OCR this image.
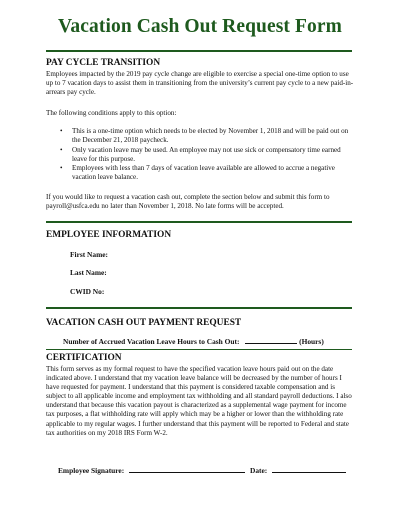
Vacation Cash Out Request Form
PAY CYCLE TRANSITION
Employees impacted by the 2019 pay cycle change are eligible to exercise a special one-time option to use up to 7 vacation days to assist them in transitioning from the university’s current pay cycle to a new paid-in-arrears pay cycle.
The following conditions apply to this option:
• This is a one-time option which needs to be elected by November 1, 2018 and will be paid out on the December 21, 2018 paycheck.
• Only vacation leave may be used. An employee may not use sick or compensatory time earned leave for this purpose.
• Employees with less than 7 days of vacation leave available are allowed to accrue a negative vacation leave balance.
If you would like to request a vacation cash out, complete the section below and submit this form to payroll@usfca.edu no later than November 1, 2018. No late forms will be accepted.
EMPLOYEE INFORMATION
First Name:
Last Name:
CWID No:
VACATION CASH OUT PAYMENT REQUEST
Number of Accrued Vacation Leave Hours to Cash Out:	(Hours)
CERTIFICATION
This form serves as my formal request to have the specified vacation leave hours paid out on the date indicated above. I understand that my vacation leave balance will be decreased by the number of hours I have requested for payment. I understand that this payment is considered taxable compensation and is subject to all applicable income and employment tax withholding and all standard payroll deductions. I also understand that because this vacation payout is characterized as a supplemental wage payment for income tax purposes, a flat withholding rate will apply which may be a higher or lower than the withholding rate applicable to my regular wages. I further understand that this payment will be reported to Federal and state tax authorities on my 2018 IRS Form W-2.
Employee Signature:	Date:
